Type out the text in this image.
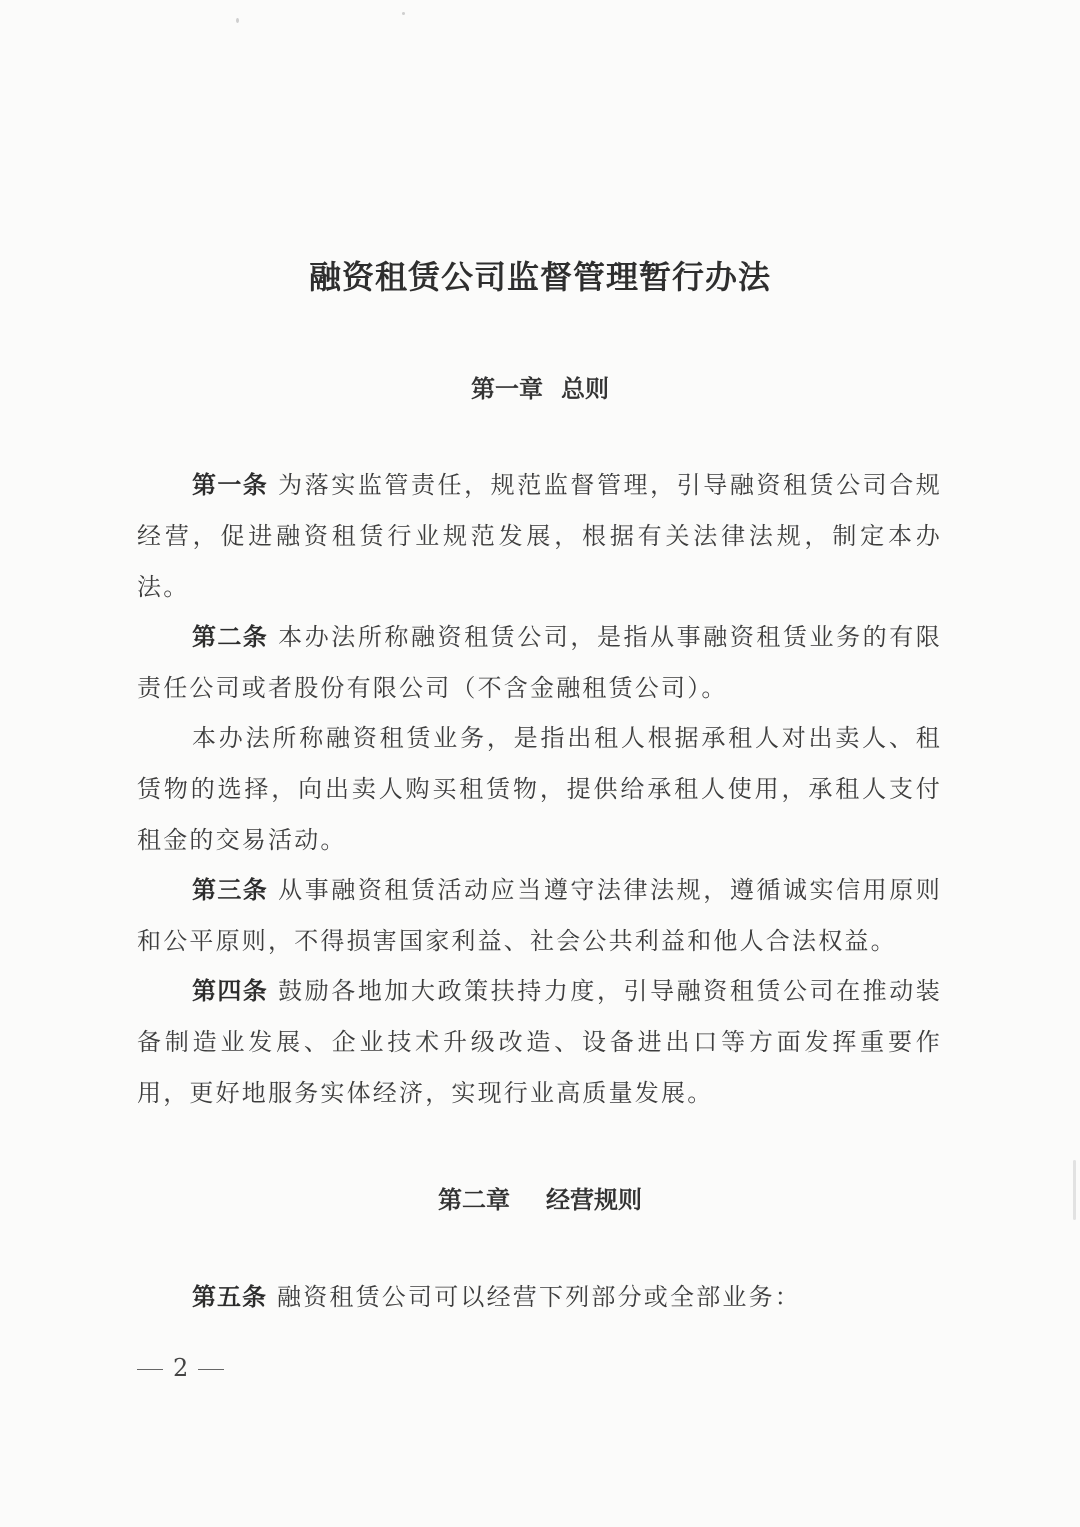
融资租赁公司监督管理暂行办法
第一章 总则

第一条 为落实监管责任，规范监督管理，引导融资租赁公司合规经营，促进融资租赁行业规范发展，根据有关法律法规，制定本办法。

第二条 本办法所称融资租赁公司，是指从事融资租赁业务的有限责任公司或者股份有限公司（不含金融租赁公司）。

本办法所称融资租赁业务，是指出租人根据承租人对出卖人、租赁物的选择，向出卖人购买租赁物，提供给承租人使用，承租人支付租金的交易活动。

第三条 从事融资租赁活动应当遵守法律法规，遵循诚实信用原则和公平原则，不得损害国家利益、社会公共利益和他人合法权益。

第四条 鼓励各地加大政策扶持力度，引导融资租赁公司在推动装备制造业发展、企业技术升级改造、设备进出口等方面发挥重要作用，更好地服务实体经济，实现行业高质量发展。

第二章 经营规则

第五条 融资租赁公司可以经营下列部分或全部业务：

2
